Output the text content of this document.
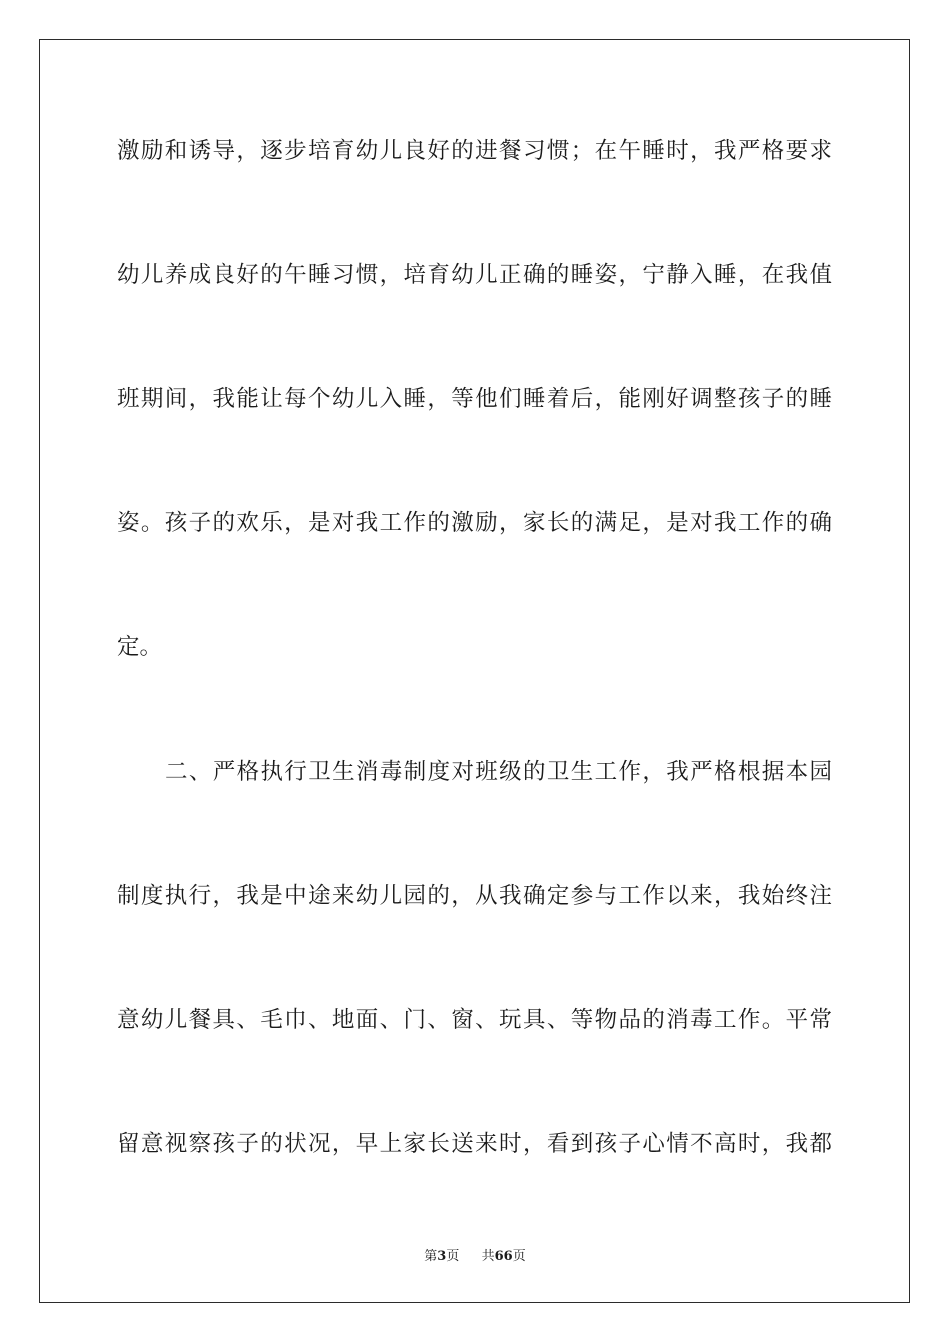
激励和诱导，逐步培育幼儿良好的进餐习惯；在午睡时，我严格要求
幼儿养成良好的午睡习惯，培育幼儿正确的睡姿，宁静入睡，在我值
班期间，我能让每个幼儿入睡，等他们睡着后，能刚好调整孩子的睡
姿。孩子的欢乐，是对我工作的激励，家长的满足，是对我工作的确
定。
二、严格执行卫生消毒制度对班级的卫生工作，我严格根据本园
制度执行，我是中途来幼儿园的，从我确定参与工作以来，我始终注
意幼儿餐具、毛巾、地面、门、窗、玩具、等物品的消毒工作。平常
留意视察孩子的状况，早上家长送来时，看到孩子心情不高时，我都
第3页 共66页
